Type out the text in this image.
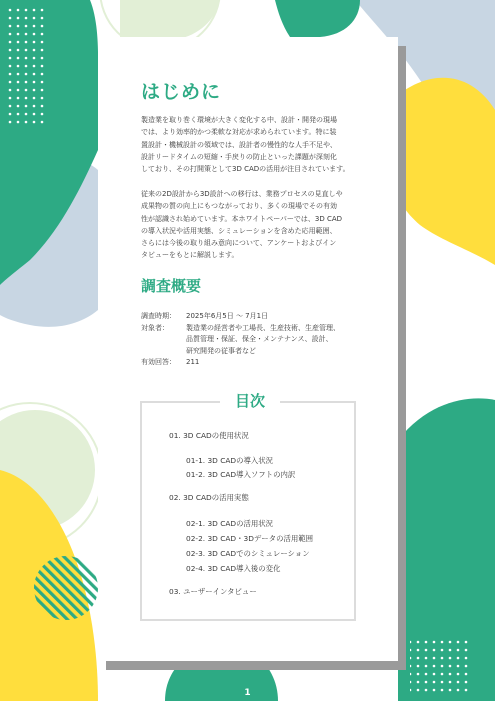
はじめに

製造業を取り巻く環境が大きく変化する中、設計・開発の現場
では、より効率的かつ柔軟な対応が求められています。特に装
置設計・機械設計の領域では、設計者の慢性的な人手不足や、
設計リードタイムの短縮・手戻りの防止といった課題が深刻化
しており、その打開策として3D CADの活用が注目されています。

従来の2D設計から3D設計への移行は、業務プロセスの見直しや
成果物の質の向上にもつながっており、多くの現場でその有効
性が認識され始めています。本ホワイトペーパーでは、3D CAD
の導入状況や活用実態、シミュレーションを含めた応用範囲、
さらには今後の取り組み意向について、アンケートおよびイン
タビューをもとに解説します。

調査概要
調査時期：	2025年6月5日 〜 7月1日
対象者：	製造業の経営者や工場長、生産技術、生産管理、
品質管理・保証、保全・メンテナンス、設計、
研究開発の従事者など
有効回答：	211
目次
01. 3D CADの使用状況
01-1. 3D CADの導入状況
01-2. 3D CAD導入ソフトの内訳
02. 3D CADの活用実態
02-1. 3D CADの活用状況
02-2. 3D CAD・3Dデータの活用範囲
02-3. 3D CADでのシミュレーション
02-4. 3D CAD導入後の変化
03. ユーザーインタビュー
1
